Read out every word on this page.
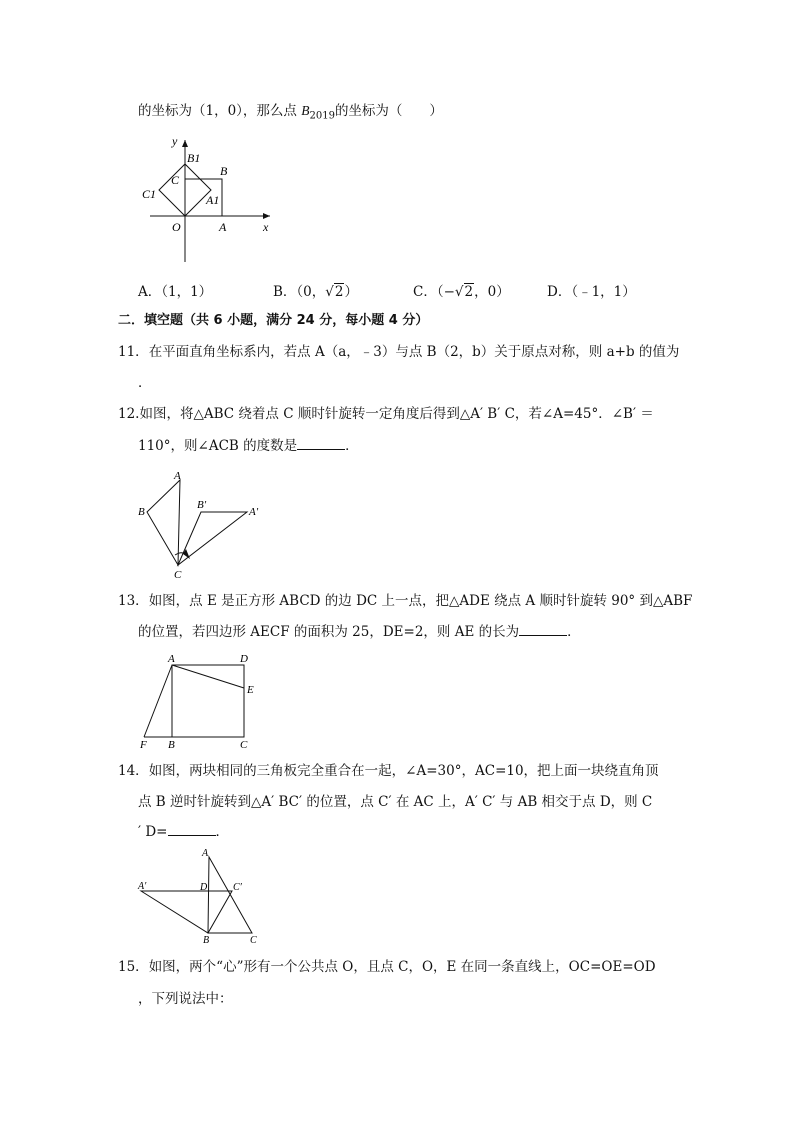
的坐标为（1，0），那么点 $B_{2019}$的坐标为（　　）
y
x
O	A
B
B1
C
C1	A1
A．（1，1）	B．（0，√2）	C．（−√2，0）	D．（﹣1，1）
二．填空题（共 6 小题，满分 24 分，每小题 4 分）
11．在平面直角坐标系内，若点 A（a，﹣3）与点 B（2，b）关于原点对称，则 a+b 的值为
．
12.如图，将△ABC 绕着点 C 顺时针旋转一定角度后得到△A′ B′ C，若∠A=45°．∠B′ ＝
110°，则∠ACB 的度数是	．
A
B
C
B′
A′
13．如图，点 E 是正方形 ABCD 的边 DC 上一点，把△ADE 绕点 A 顺时针旋转 90° 到△ABF
的位置，若四边形 AECF 的面积为 25，DE=2，则 AE 的长为	．
A	D
E
F B	C
14．如图，两块相同的三角板完全重合在一起，∠A=30°，AC=10，把上面一块绕直角顶
点 B 逆时针旋转到△A′ BC′ 的位置，点 C′ 在 AC 上，A′ C′ 与 AB 相交于点 D，则 C
′ D=	．
A
A′	D	C′
B	C
15．如图，两个“心”形有一个公共点 O，且点 C，O，E 在同一条直线上，OC=OE=OD
，下列说法中：
